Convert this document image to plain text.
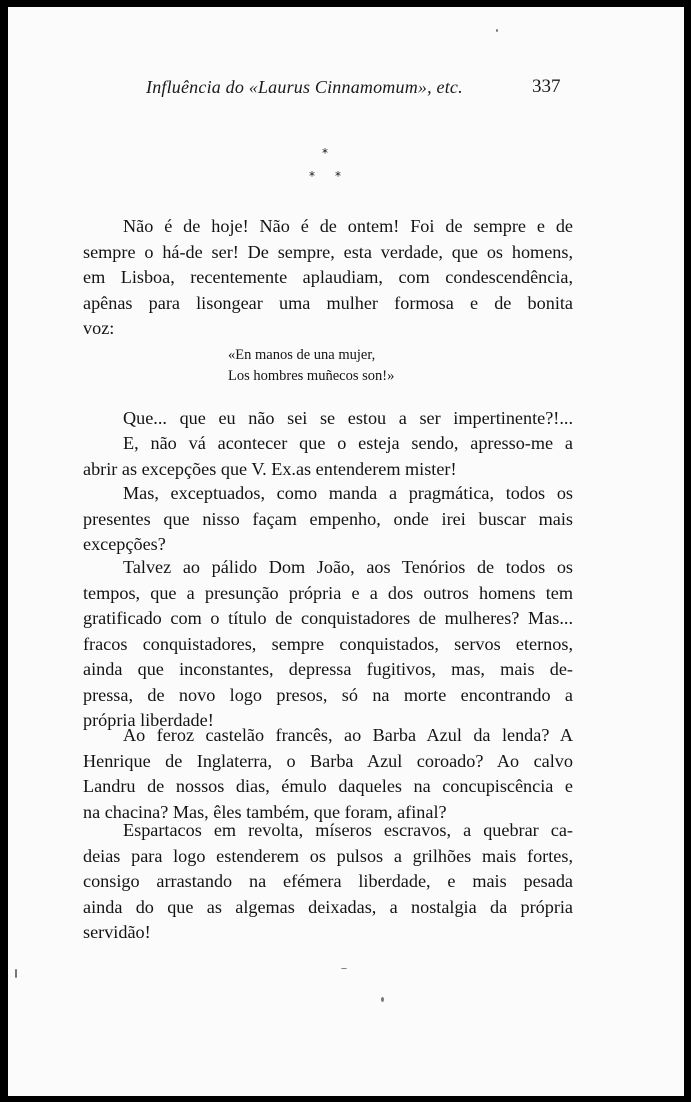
Influência do «Laurus Cinnamomum», etc.	337
*
* *
Não é de hoje! Não é de ontem! Foi de sempre e de
sempre o há-de ser! De sempre, esta verdade, que os homens,
em Lisboa, recentemente aplaudiam, com condescendência,
apênas para lisongear uma mulher formosa e de bonita
voz:
«En manos de una mujer,
Los hombres muñecos son!»
Que... que eu não sei se estou a ser impertinente?!...
E, não vá acontecer que o esteja sendo, apresso-me a
abrir as excepções que V. Ex.as entenderem mister!
Mas, exceptuados, como manda a pragmática, todos os
presentes que nisso façam empenho, onde irei buscar mais
excepções?
Talvez ao pálido Dom João, aos Tenórios de todos os
tempos, que a presunção própria e a dos outros homens tem
gratificado com o título de conquistadores de mulheres? Mas...
fracos conquistadores, sempre conquistados, servos eternos,
ainda que inconstantes, depressa fugitivos, mas, mais de-
pressa, de novo logo presos, só na morte encontrando a
própria liberdade!
Ao feroz castelão francês, ao Barba Azul da lenda? A
Henrique de Inglaterra, o Barba Azul coroado? Ao calvo
Landru de nossos dias, émulo daqueles na concupiscência e
na chacina? Mas, êles também, que foram, afinal?
Espartacos em revolta, míseros escravos, a quebrar ca-
deias para logo estenderem os pulsos a grilhões mais fortes,
consigo arrastando na efémera liberdade, e mais pesada
ainda do que as algemas deixadas, a nostalgia da própria
servidão!
